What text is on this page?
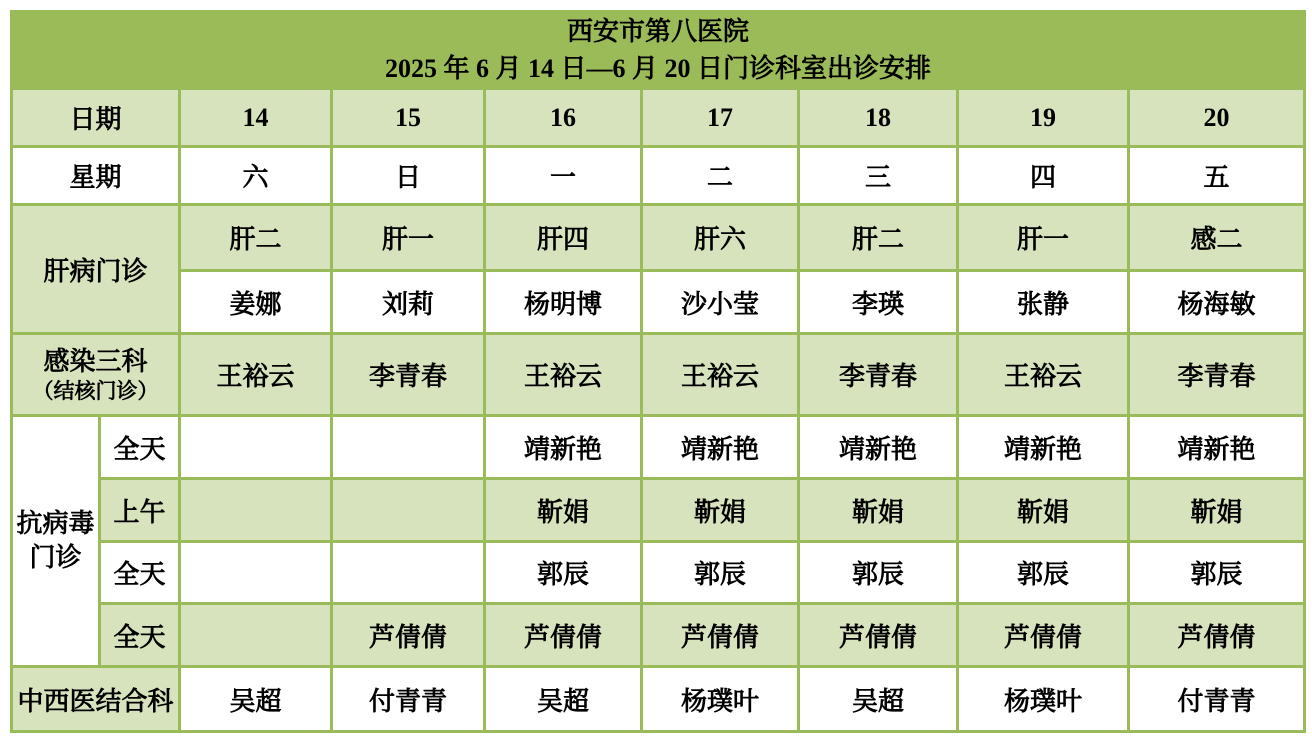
西安市第八医院
2025 年 6 月 14 日—6 月 20 日门诊科室出诊安排								

日期		14	15	16	17	18	19	20
星期		六	日	一	二	三	四	五
肝病门诊		肝二	肝一	肝四	肝六	肝二	肝一	感二
		姜娜	刘莉	杨明博	沙小莹	李瑛	张静	杨海敏

感染三科
（结核门诊）		王裕云	李青春	王裕云	王裕云	李青春	王裕云	李青春

抗病毒
门诊	全天			靖新艳	靖新艳	靖新艳	靖新艳	靖新艳
	上午			靳娟	靳娟	靳娟	靳娟	靳娟
	全天			郭辰	郭辰	郭辰	郭辰	郭辰
	全天		芦倩倩	芦倩倩	芦倩倩	芦倩倩	芦倩倩	芦倩倩
中西医结合科		吴超	付青青	吴超	杨璞叶	吴超	杨璞叶	付青青
